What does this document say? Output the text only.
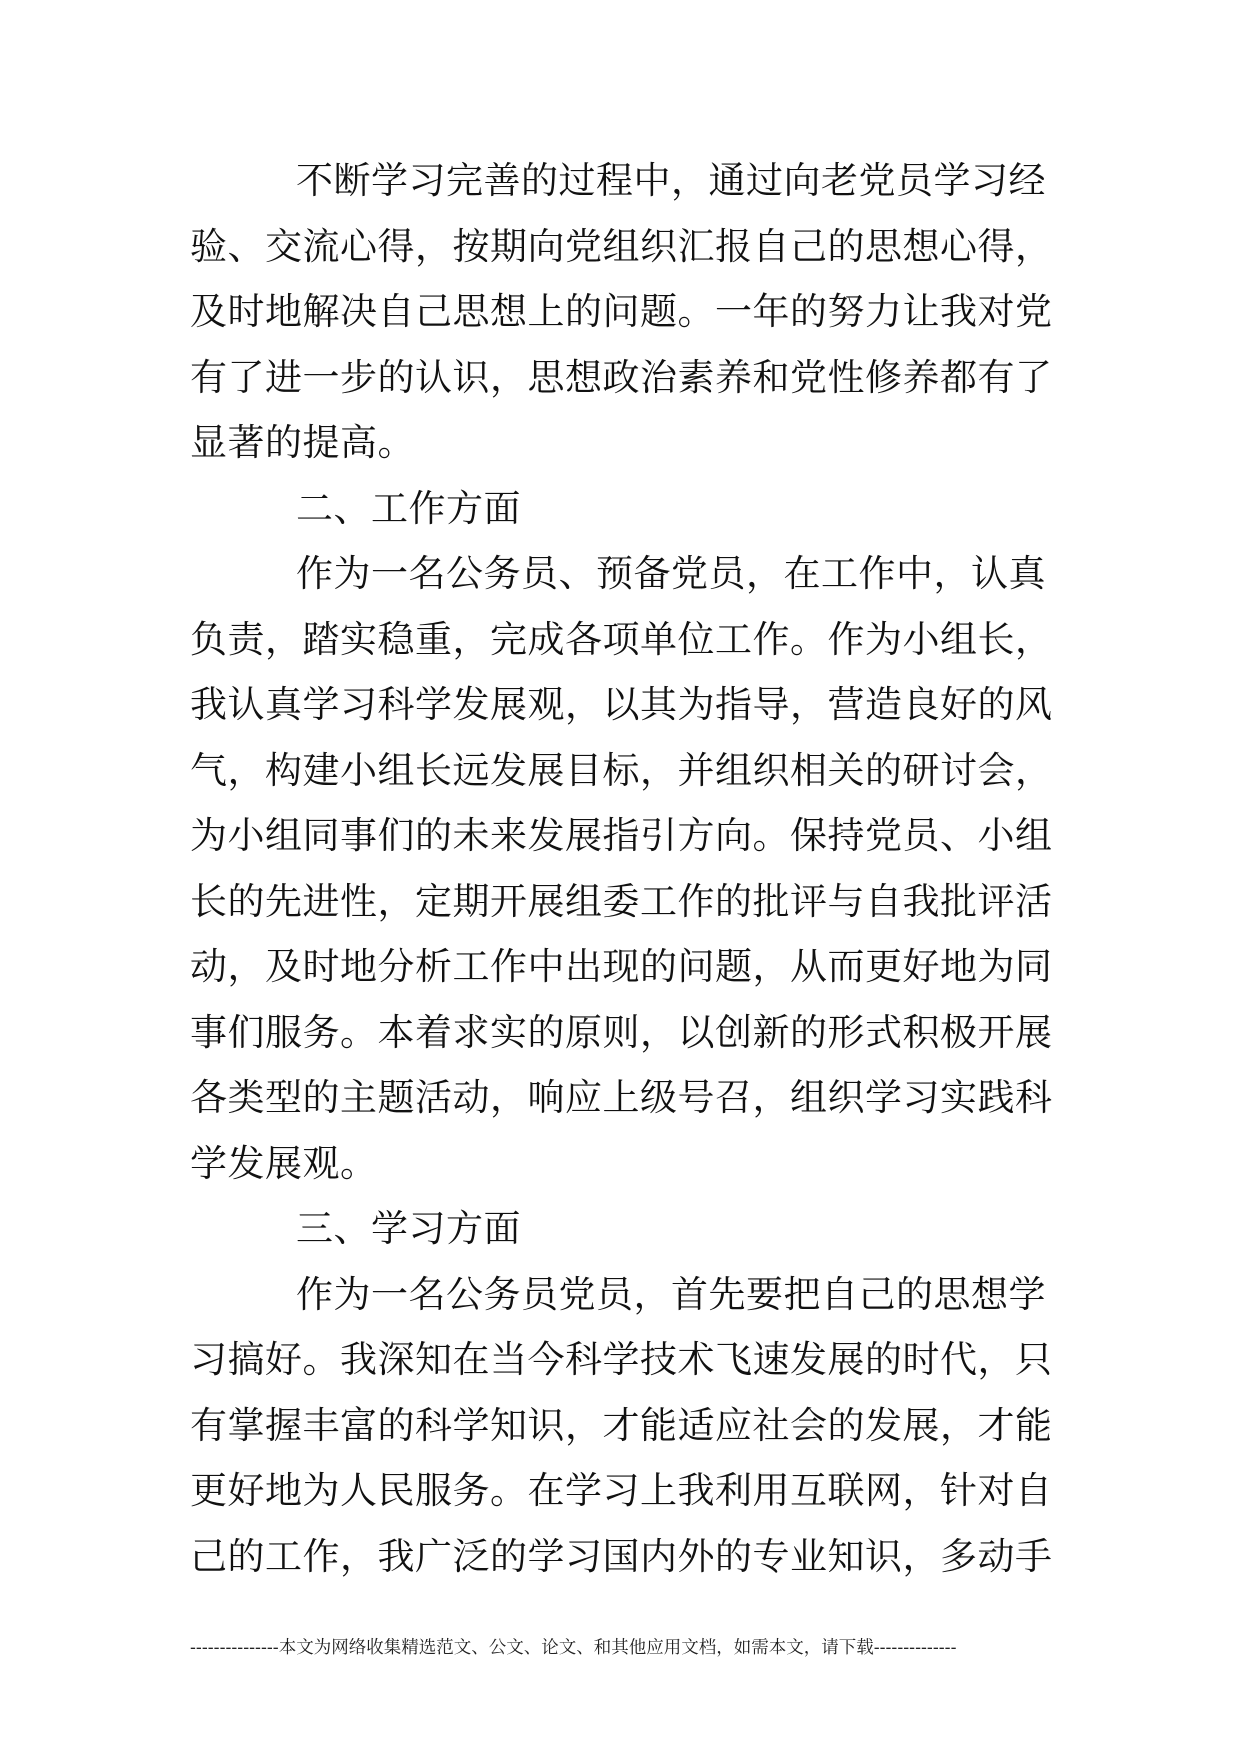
不断学习完善的过程中，通过向老党员学习经
验、交流心得，按期向党组织汇报自己的思想心得，
及时地解决自己思想上的问题。一年的努力让我对党
有了进一步的认识，思想政治素养和党性修养都有了
显著的提高。
二、工作方面
作为一名公务员、预备党员，在工作中，认真
负责，踏实稳重，完成各项单位工作。作为小组长，
我认真学习科学发展观，以其为指导，营造良好的风
气，构建小组长远发展目标，并组织相关的研讨会，
为小组同事们的未来发展指引方向。保持党员、小组
长的先进性，定期开展组委工作的批评与自我批评活
动，及时地分析工作中出现的问题，从而更好地为同
事们服务。本着求实的原则，以创新的形式积极开展
各类型的主题活动，响应上级号召，组织学习实践科
学发展观。
三、学习方面
作为一名公务员党员，首先要把自己的思想学
习搞好。我深知在当今科学技术飞速发展的时代，只
有掌握丰富的科学知识，才能适应社会的发展，才能
更好地为人民服务。在学习上我利用互联网，针对自
己的工作，我广泛的学习国内外的专业知识，多动手
---------------本文为网络收集精选范文、公文、论文、和其他应用文档，如需本文，请下载--------------
